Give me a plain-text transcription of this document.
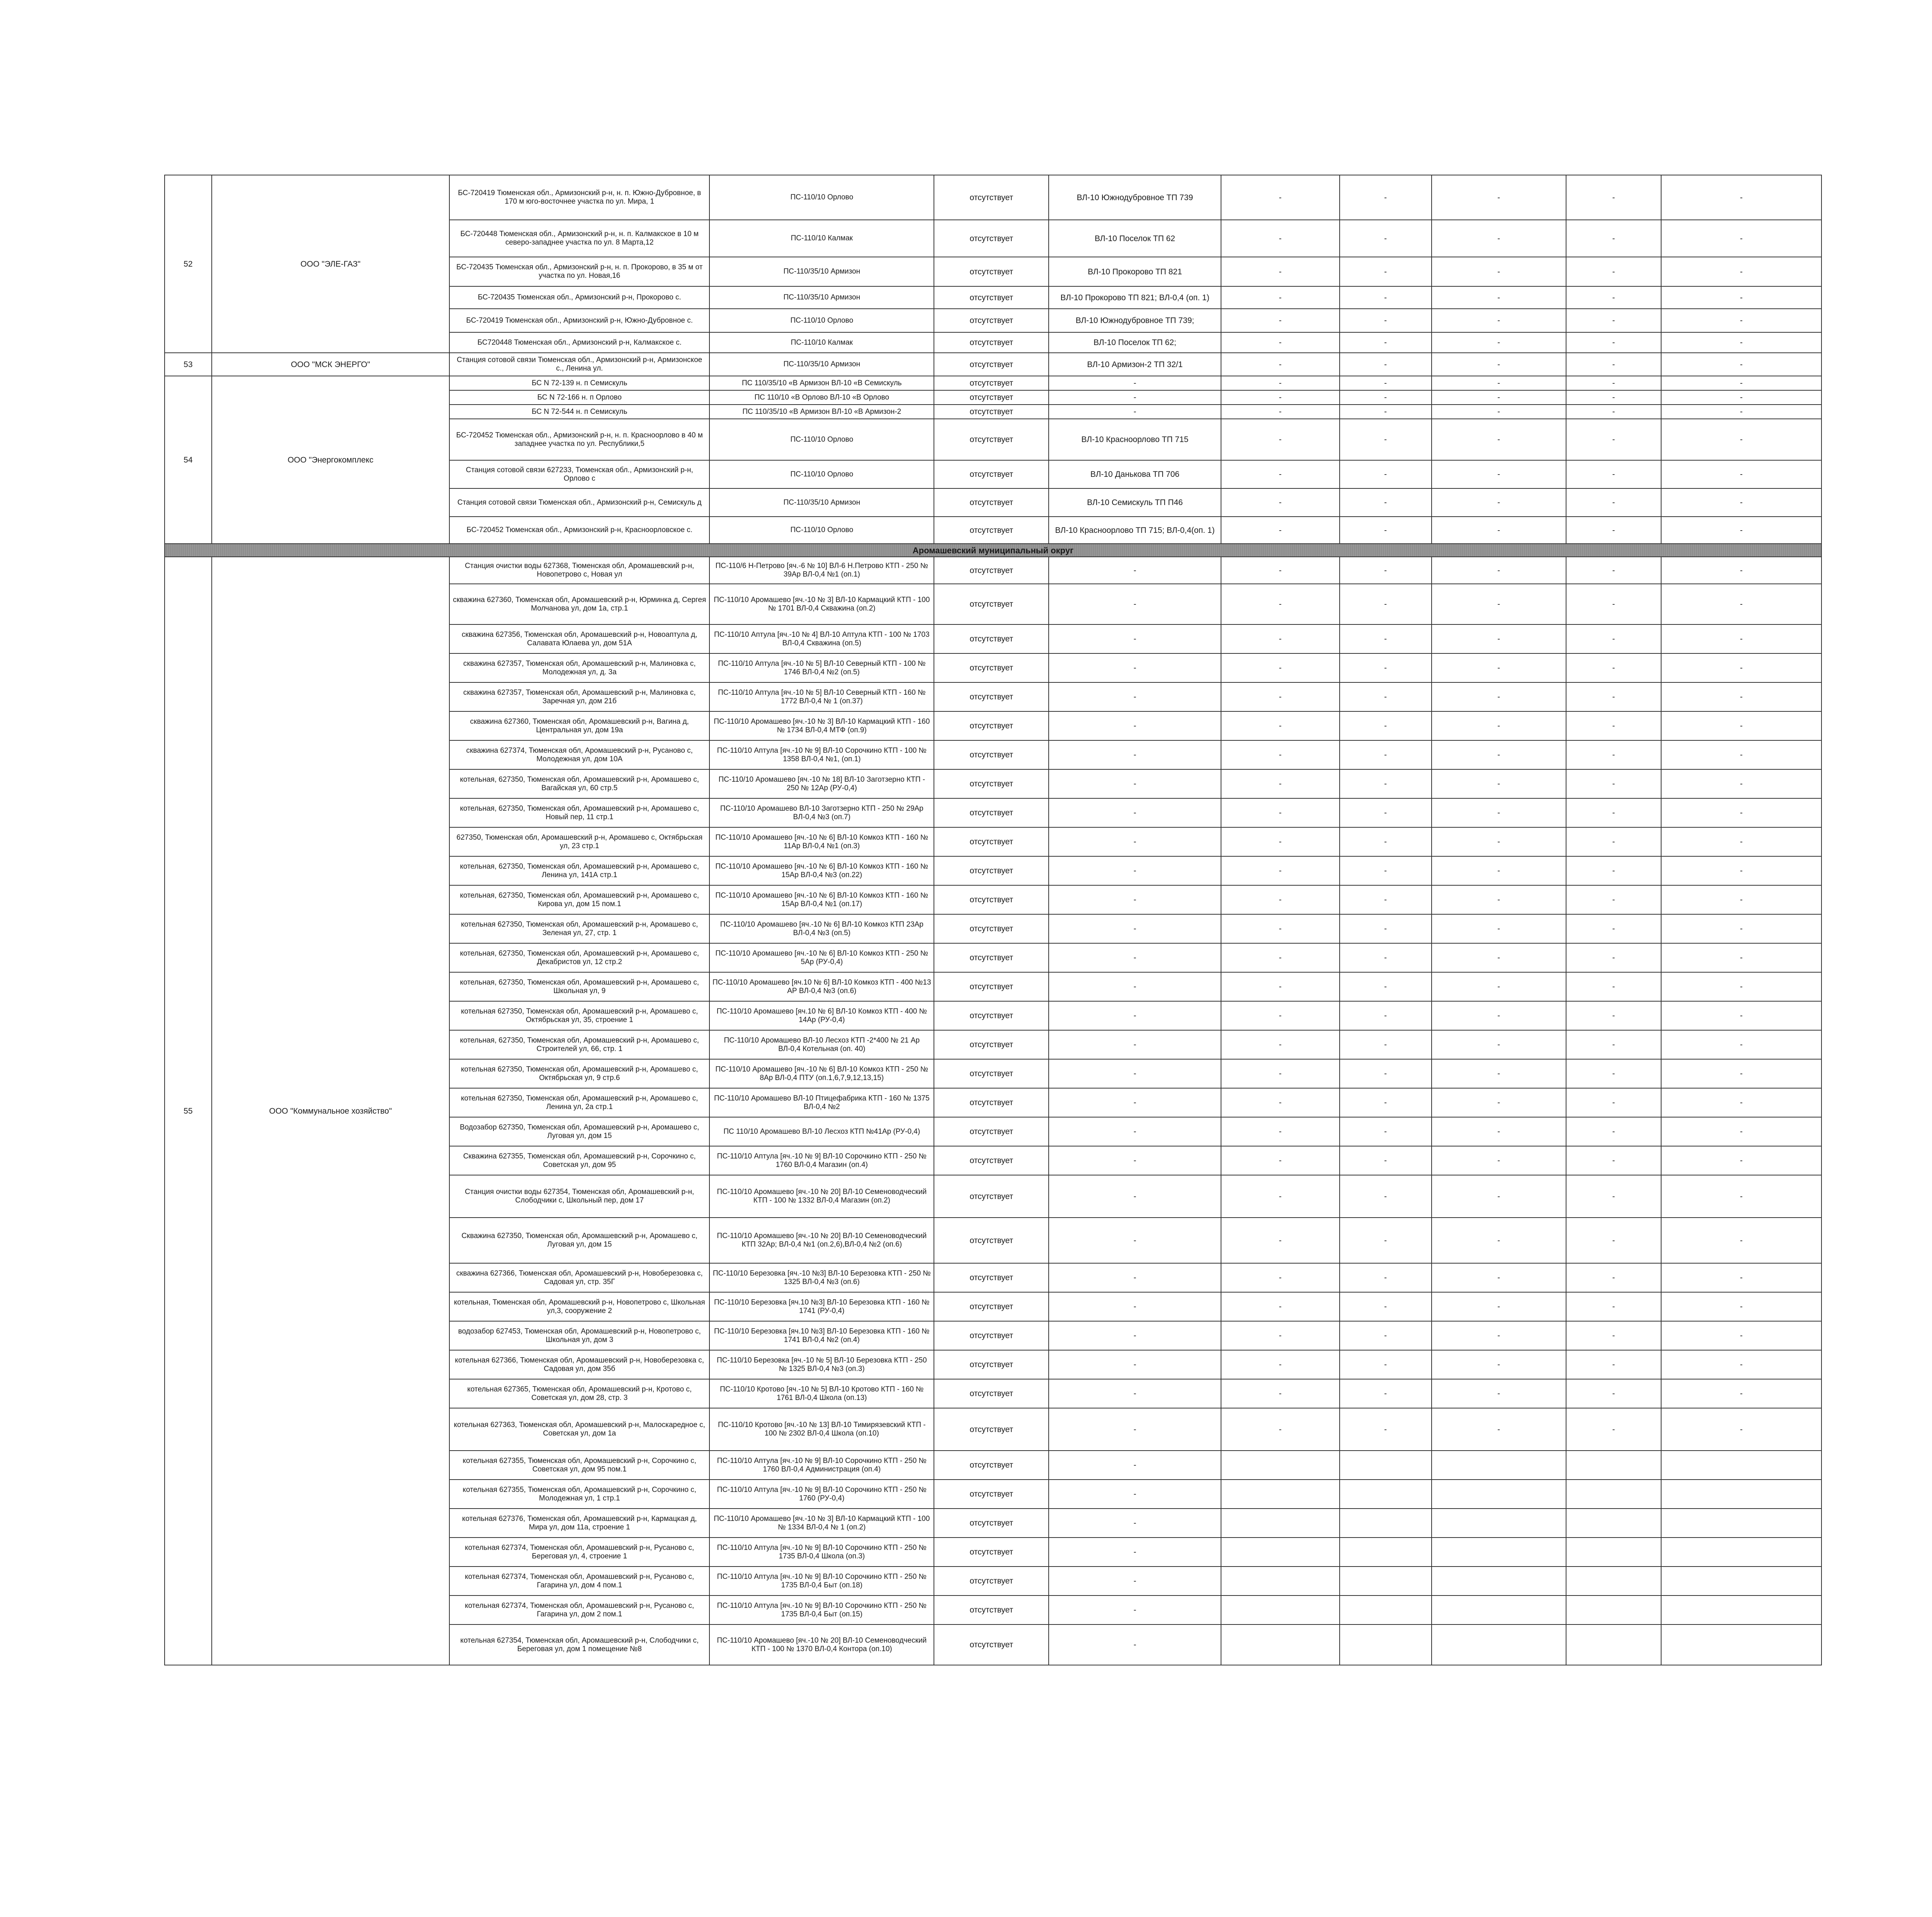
52	ООО "ЭЛЕ-ГАЗ"	БС-720419 Тюменская обл., Армизонский р-н, н. п. Южно-Дубровное, в 170 м юго-восточнее участка по ул. Мира, 1	ПС-110/10 Орлово	отсутствует	ВЛ-10 Южнодубровное ТП 739	-	-	-	-	-
		БС-720448 Тюменская обл., Армизонский р-н, н. п. Калмакское в 10 м северо-западнее участка по ул. 8 Марта,12	ПС-110/10 Калмак	отсутствует	ВЛ-10 Поселок ТП 62	-	-	-	-	-
		БС-720435 Тюменская обл., Армизонский р-н, н. п. Прокорово, в 35 м от участка по ул. Новая,16	ПС-110/35/10 Армизон	отсутствует	ВЛ-10 Прокорово ТП 821	-	-	-	-	-
		БС-720435 Тюменская обл., Армизонский р-н, Прокорово с.	ПС-110/35/10 Армизон	отсутствует	ВЛ-10 Прокорово ТП 821; ВЛ-0,4 (оп. 1)	-	-	-	-	-
		БС-720419 Тюменская обл., Армизонский р-н, Южно-Дубровное с.	ПС-110/10 Орлово	отсутствует	ВЛ-10 Южнодубровное ТП 739;	-	-	-	-	-
		БС720448 Тюменская обл., Армизонский р-н, Калмакское с.	ПС-110/10 Калмак	отсутствует	ВЛ-10 Поселок ТП 62;	-	-	-	-	-
53	ООО "МСК ЭНЕРГО"	Станция сотовой связи Тюменская обл., Армизонский р-н, Армизонское с., Ленина ул.	ПС-110/35/10 Армизон	отсутствует	ВЛ-10 Армизон-2 ТП 32/1	-	-	-	-	-
54	ООО "Энергокомплекс	БС N 72-139 н. п Семискуль	ПС 110/35/10 «В Армизон ВЛ-10 «В Семискуль	отсутствует	-	-	-	-	-	-
		БС N 72-166 н. п Орлово	ПС 110/10 «В Орлово ВЛ-10 «В Орлово	отсутствует	-	-	-	-	-	-
		БС N 72-544 н. п Семискуль	ПС 110/35/10 «В Армизон ВЛ-10 «В Армизон-2	отсутствует	-	-	-	-	-	-
		БС-720452 Тюменская обл., Армизонский р-н, н. п. Красноорлово в 40 м западнее участка по ул. Республики,5	ПС-110/10 Орлово	отсутствует	ВЛ-10 Красноорлово ТП 715	-	-	-	-	-
		Станция сотовой связи 627233, Тюменская обл., Армизонский р-н, Орлово с	ПС-110/10 Орлово	отсутствует	ВЛ-10 Данькова ТП 706	-	-	-	-	-
		Станция сотовой связи Тюменская обл., Армизонский р-н, Семискуль д	ПС-110/35/10 Армизон	отсутствует	ВЛ-10 Семискуль ТП П46	-	-	-	-	-
		БС-720452 Тюменская обл., Армизонский р-н, Красноорловское с.	ПС-110/10 Орлово	отсутствует	ВЛ-10 Красноорлово ТП 715; ВЛ-0,4(оп. 1)	-	-	-	-	-
Аромашевский муниципальный округ										
55	ООО "Коммунальное хозяйство"	Станция очистки воды 627368, Тюменская обл, Аромашевский р-н, Новопетрово с, Новая ул	ПС-110/6 Н-Петрово [яч.-6 № 10] ВЛ-6 Н.Петрово КТП - 250 № 39Ар ВЛ-0,4 №1 (оп.1)	отсутствует	-	-	-	-	-	-
		скважина 627360, Тюменская обл, Аромашевский р-н, Юрминка д, Сергея Молчанова ул, дом 1а, стр.1	ПС-110/10 Аромашево [яч.-10 № 3] ВЛ-10 Кармацкий КТП - 100 № 1701 ВЛ-0,4 Скважина (оп.2)	отсутствует	-	-	-	-	-	-
		скважина 627356, Тюменская обл, Аромашевский р-н, Новоаптула д, Салавата Юлаева ул, дом 51А	ПС-110/10 Аптула [яч.-10 № 4] ВЛ-10 Аптула КТП - 100 № 1703 ВЛ-0,4 Скважина (оп.5)	отсутствует	-	-	-	-	-	-
		скважина 627357, Тюменская обл, Аромашевский р-н, Малиновка с, Молодежная ул, д. 3а	ПС-110/10 Аптула [яч.-10 № 5] ВЛ-10 Северный КТП - 100 № 1746 ВЛ-0,4 №2 (оп.5)	отсутствует	-	-	-	-	-	-
		скважина 627357, Тюменская обл, Аромашевский р-н, Малиновка с, Заречная ул, дом 21б	ПС-110/10 Аптула [яч.-10 № 5] ВЛ-10 Северный КТП - 160 № 1772 ВЛ-0,4 № 1 (оп.37)	отсутствует	-	-	-	-	-	-
		скважина 627360, Тюменская обл, Аромашевский р-н, Вагина д, Центральная ул, дом 19а	ПС-110/10 Аромашево [яч.-10 № 3] ВЛ-10 Кармацкий КТП - 160 № 1734 ВЛ-0,4 МТФ (оп.9)	отсутствует	-	-	-	-	-	-
		скважина 627374, Тюменская обл, Аромашевский р-н, Русаново с, Молодежная ул, дом 10А	ПС-110/10 Аптула [яч.-10 № 9] ВЛ-10 Сорочкино КТП - 100 № 1358 ВЛ-0,4 №1, (оп.1)	отсутствует	-	-	-	-	-	-
		котельная, 627350, Тюменская обл, Аромашевский р-н, Аромашево с, Вагайская ул, 60 стр.5	ПС-110/10 Аромашево [яч.-10 № 18] ВЛ-10 Заготзерно КТП - 250 № 12Ар (РУ-0,4)	отсутствует	-	-	-	-	-	-
		котельная, 627350, Тюменская обл, Аромашевский р-н, Аромашево с, Новый пер, 11 стр.1	ПС-110/10 Аромашево ВЛ-10 Заготзерно КТП - 250 № 29Ар ВЛ-0,4 №3 (оп.7)	отсутствует	-	-	-	-	-	-
		627350, Тюменская обл, Аромашевский р-н, Аромашево с, Октябрьская ул, 23 стр.1	ПС-110/10 Аромашево [яч.-10 № 6] ВЛ-10 Комкоз КТП - 160 № 11Ар ВЛ-0,4 №1 (оп.3)	отсутствует	-	-	-	-	-	-
		котельная, 627350, Тюменская обл, Аромашевский р-н, Аромашево с, Ленина ул, 141А стр.1	ПС-110/10 Аромашево [яч.-10 № 6] ВЛ-10 Комкоз КТП - 160 № 15Ар ВЛ-0,4 №3 (оп.22)	отсутствует	-	-	-	-	-	-
		котельная, 627350, Тюменская обл, Аромашевский р-н, Аромашево с, Кирова ул, дом 15 пом.1	ПС-110/10 Аромашево [яч.-10 № 6] ВЛ-10 Комкоз КТП - 160 № 15Ар ВЛ-0,4 №1 (оп.17)	отсутствует	-	-	-	-	-	-
		котельная 627350, Тюменская обл, Аромашевский р-н, Аромашево с, Зеленая ул, 27, стр. 1	ПС-110/10 Аромашево [яч.-10 № 6] ВЛ-10 Комкоз КТП 23Ар ВЛ-0,4 №3 (оп.5)	отсутствует	-	-	-	-	-	-
		котельная, 627350, Тюменская обл, Аромашевский р-н, Аромашево с, Декабристов ул, 12 стр.2	ПС-110/10 Аромашево [яч.-10 № 6] ВЛ-10 Комкоз КТП - 250 № 5Ар (РУ-0,4)	отсутствует	-	-	-	-	-	-
		котельная, 627350, Тюменская обл, Аромашевский р-н, Аромашево с, Школьная ул, 9	ПС-110/10 Аромашево [яч.10 № 6] ВЛ-10 Комкоз КТП - 400 №13 АР ВЛ-0,4 №3 (оп.6)	отсутствует	-	-	-	-	-	-
		котельная 627350, Тюменская обл, Аромашевский р-н, Аромашево с, Октябрьская ул, 35, строение 1	ПС-110/10 Аромашево [яч.10 № 6] ВЛ-10 Комкоз КТП - 400 № 14Ар (РУ-0,4)	отсутствует	-	-	-	-	-	-
		котельная, 627350, Тюменская обл, Аромашевский р-н, Аромашево с, Строителей ул, 66, стр. 1	ПС-110/10 Аромашево ВЛ-10 Лесхоз КТП -2*400 № 21 Ар ВЛ-0,4 Котельная (оп. 40)	отсутствует	-	-	-	-	-	-
		котельная 627350, Тюменская обл, Аромашевский р-н, Аромашево с, Октябрьская ул, 9 стр.6	ПС-110/10 Аромашево [яч.-10 № 6] ВЛ-10 Комкоз КТП - 250 № 8Ар ВЛ-0,4 ПТУ (оп.1,6,7,9,12,13,15)	отсутствует	-	-	-	-	-	-
		котельная 627350, Тюменская обл, Аромашевский р-н, Аромашево с, Ленина ул, 2а стр.1	ПС-110/10 Аромашево ВЛ-10 Птицефабрика КТП - 160 № 1375 ВЛ-0,4 №2	отсутствует	-	-	-	-	-	-
		Водозабор 627350, Тюменская обл, Аромашевский р-н, Аромашево с, Луговая ул, дом 15	ПС 110/10 Аромашево ВЛ-10 Лесхоз КТП №41Ар (РУ-0,4)	отсутствует	-	-	-	-	-	-
		Скважина 627355, Тюменская обл, Аромашевский р-н, Сорочкино с, Советская ул, дом 95	ПС-110/10 Аптула [яч.-10 № 9] ВЛ-10 Сорочкино КТП - 250 № 1760 ВЛ-0,4 Магазин (оп.4)	отсутствует	-	-	-	-	-	-
		Станция очистки воды 627354, Тюменская обл, Аромашевский р-н, Слободчики с, Школьный пер, дом 17	ПС-110/10 Аромашево [яч.-10 № 20] ВЛ-10 Семеноводческий КТП - 100 № 1332 ВЛ-0,4 Магазин (оп.2)	отсутствует	-	-	-	-	-	-
		Скважина 627350, Тюменская обл, Аромашевский р-н, Аромашево с, Луговая ул, дом 15	ПС-110/10 Аромашево [яч.-10 № 20] ВЛ-10 Семеноводческий КТП 32Ар; ВЛ-0,4 №1 (оп.2,6),ВЛ-0,4 №2 (оп.6)	отсутствует	-	-	-	-	-	-
		скважина 627366, Тюменская обл, Аромашевский р-н, Новоберезовка с, Садовая ул, стр. 35Г	ПС-110/10 Березовка [яч.-10 №3] ВЛ-10 Березовка КТП - 250 № 1325 ВЛ-0,4 №3 (оп.6)	отсутствует	-	-	-	-	-	-
		котельная, Тюменская обл, Аромашевский р-н, Новопетрово с, Школьная ул,3, сооружение 2	ПС-110/10 Березовка [яч.10 №3] ВЛ-10 Березовка КТП - 160 № 1741 (РУ-0,4)	отсутствует	-	-	-	-	-	-
		водозабор 627453, Тюменская обл, Аромашевский р-н, Новопетрово с, Школьная ул, дом 3	ПС-110/10 Березовка [яч.10 №3] ВЛ-10 Березовка КТП - 160 № 1741 ВЛ-0,4 №2 (оп.4)	отсутствует	-	-	-	-	-	-
		котельная 627366, Тюменская обл, Аромашевский р-н, Новоберезовка с, Садовая ул, дом 35б	ПС-110/10 Березовка [яч.-10 № 5] ВЛ-10 Березовка КТП - 250 № 1325 ВЛ-0,4 №3 (оп.3)	отсутствует	-	-	-	-	-	-
		котельная 627365, Тюменская обл, Аромашевский р-н, Кротово с, Советская ул, дом 28, стр. 3	ПС-110/10 Кротово [яч.-10 № 5] ВЛ-10 Кротово КТП - 160 № 1761 ВЛ-0,4 Школа (оп.13)	отсутствует	-	-	-	-	-	-
		котельная 627363, Тюменская обл, Аромашевский р-н, Малоскаредное с, Советская ул, дом 1а	ПС-110/10 Кротово [яч.-10 № 13] ВЛ-10 Тимирязевский КТП - 100 № 2302 ВЛ-0,4 Школа (оп.10)	отсутствует	-	-	-	-	-	-
		котельная 627355, Тюменская обл, Аромашевский р-н, Сорочкино с, Советская ул, дом 95 пом.1	ПС-110/10 Аптула [яч.-10 № 9] ВЛ-10 Сорочкино КТП - 250 № 1760 ВЛ-0,4 Администрация (оп.4)	отсутствует	-					
		котельная 627355, Тюменская обл, Аромашевский р-н, Сорочкино с, Молодежная ул, 1 стр.1	ПС-110/10 Аптула [яч.-10 № 9] ВЛ-10 Сорочкино КТП - 250 № 1760 (РУ-0,4)	отсутствует	-					
		котельная 627376, Тюменская обл, Аромашевский р-н, Кармацкая д, Мира ул, дом 11а, строение 1	ПС-110/10 Аромашево [яч.-10 № 3] ВЛ-10 Кармацкий КТП - 100 № 1334 ВЛ-0,4 № 1 (оп.2)	отсутствует	-					
		котельная 627374, Тюменская обл, Аромашевский р-н, Русаново с, Береговая ул, 4, строение 1	ПС-110/10 Аптула [яч.-10 № 9] ВЛ-10 Сорочкино КТП - 250 № 1735 ВЛ-0,4 Школа (оп.3)	отсутствует	-					
		котельная 627374, Тюменская обл, Аромашевский р-н, Русаново с, Гагарина ул, дом 4 пом.1	ПС-110/10 Аптула [яч.-10 № 9] ВЛ-10 Сорочкино КТП - 250 № 1735 ВЛ-0,4 Быт (оп.18)	отсутствует	-					
		котельная 627374, Тюменская обл, Аромашевский р-н, Русаново с, Гагарина ул, дом 2 пом.1	ПС-110/10 Аптула [яч.-10 № 9] ВЛ-10 Сорочкино КТП - 250 № 1735 ВЛ-0,4 Быт (оп.15)	отсутствует	-					
		котельная 627354, Тюменская обл, Аромашевский р-н, Слободчики с, Береговая ул, дом 1 помещение №8	ПС-110/10 Аромашево [яч.-10 № 20] ВЛ-10 Семеноводческий КТП - 100 № 1370 ВЛ-0,4 Контора (оп.10)	отсутствует	-					
